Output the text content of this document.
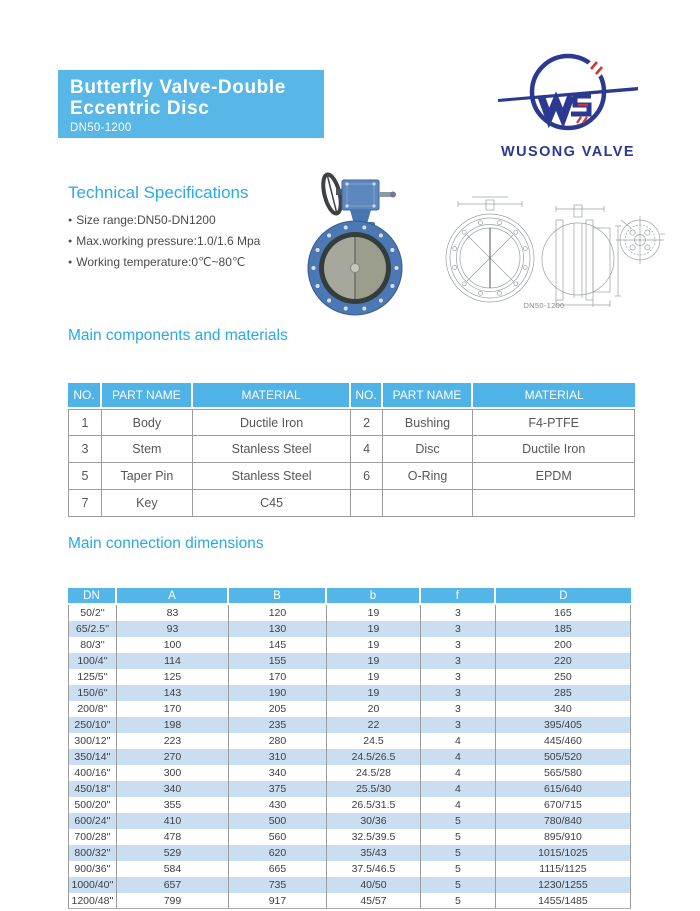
Butterfly Valve-Double
Eccentric Disc
DN50-1200
WUSONG VALVE
Technical Specifications
● Size range:DN50-DN1200
● Max.working pressure:1.0/1.6 Mpa
● Working temperature:0℃~80℃
DN50-1200
Main components and materials
NO.	PART NAME	MATERIAL	NO.	PART NAME	MATERIAL
1	Body	Ductile Iron	2	Bushing	F4-PTFE
3	Stem	Stanless Steel	4	Disc	Ductile Iron
5	Taper Pin	Stanless Steel	6	O-Ring	EPDM
7	Key	C45			
Main connection dimensions
DN	A	B	b	f	D
50/2''	83	120	19	3	165
65/2.5''	93	130	19	3	185
80/3''	100	145	19	3	200
100/4''	114	155	19	3	220
125/5''	125	170	19	3	250
150/6''	143	190	19	3	285
200/8''	170	205	20	3	340
250/10''	198	235	22	3	395/405
300/12''	223	280	24.5	4	445/460
350/14''	270	310	24.5/26.5	4	505/520
400/16''	300	340	24.5/28	4	565/580
450/18''	340	375	25.5/30	4	615/640
500/20''	355	430	26.5/31.5	4	670/715
600/24''	410	500	30/36	5	780/840
700/28''	478	560	32.5/39.5	5	895/910
800/32''	529	620	35/43	5	1015/1025
900/36''	584	665	37.5/46.5	5	1115/1125
1000/40''	657	735	40/50	5	1230/1255
1200/48''	799	917	45/57	5	1455/1485
